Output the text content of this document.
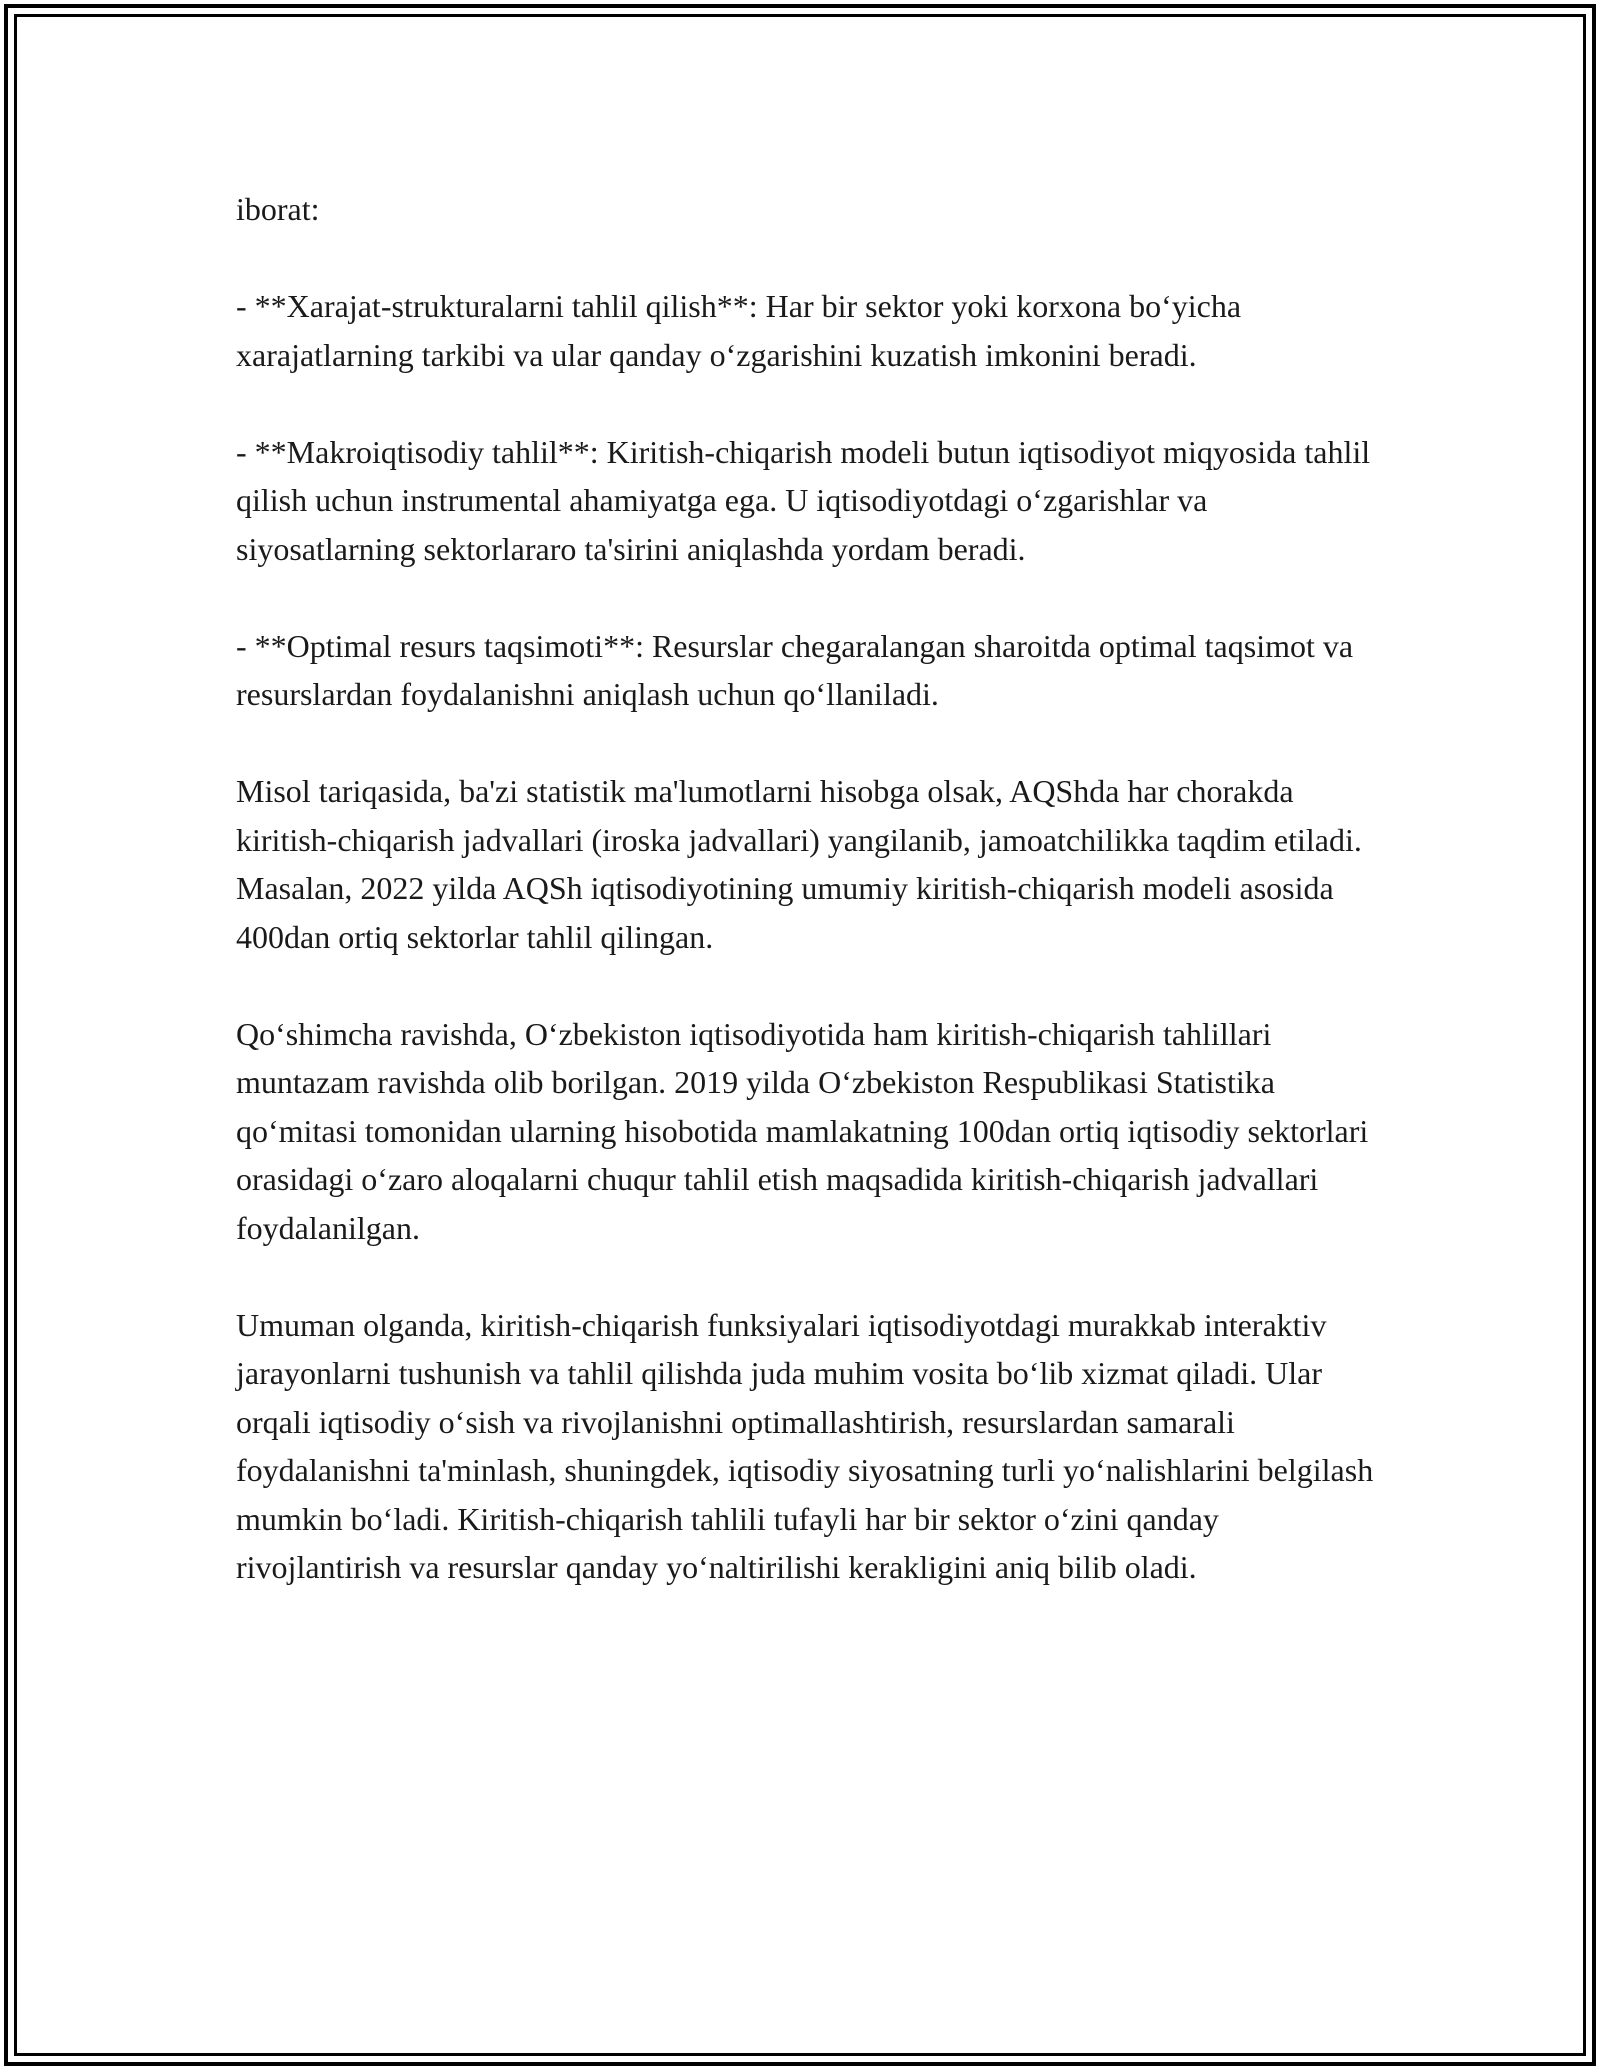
iborat:

- **Xarajat-strukturalarni tahlil qilish**: Har bir sektor yoki korxona bo‘yicha xarajatlarning tarkibi va ular qanday o‘zgarishini kuzatish imkonini beradi.

- **Makroiqtisodiy tahlil**: Kiritish-chiqarish modeli butun iqtisodiyot miqyosida tahlil qilish uchun instrumental ahamiyatga ega. U iqtisodiyotdagi o‘zgarishlar va siyosatlarning sektorlararo ta'sirini aniqlashda yordam beradi.

- **Optimal resurs taqsimoti**: Resurslar chegaralangan sharoitda optimal taqsimot va resurslardan foydalanishni aniqlash uchun qo‘llaniladi.

Misol tariqasida, ba'zi statistik ma'lumotlarni hisobga olsak, AQShda har chorakda kiritish-chiqarish jadvallari (iroska jadvallari) yangilanib, jamoatchilikka taqdim etiladi. Masalan, 2022 yilda AQSh iqtisodiyotining umumiy kiritish-chiqarish modeli asosida 400dan ortiq sektorlar tahlil qilingan.

Qo‘shimcha ravishda, O‘zbekiston iqtisodiyotida ham kiritish-chiqarish tahlillari muntazam ravishda olib borilgan. 2019 yilda O‘zbekiston Respublikasi Statistika qo‘mitasi tomonidan ularning hisobotida mamlakatning 100dan ortiq iqtisodiy sektorlari orasidagi o‘zaro aloqalarni chuqur tahlil etish maqsadida kiritish-chiqarish jadvallari foydalanilgan.

Umuman olganda, kiritish-chiqarish funksiyalari iqtisodiyotdagi murakkab interaktiv jarayonlarni tushunish va tahlil qilishda juda muhim vosita bo‘lib xizmat qiladi. Ular orqali iqtisodiy o‘sish va rivojlanishni optimallashtirish, resurslardan samarali foydalanishni ta'minlash, shuningdek, iqtisodiy siyosatning turli yo‘nalishlarini belgilash mumkin bo‘ladi. Kiritish-chiqarish tahlili tufayli har bir sektor o‘zini qanday rivojlantirish va resurslar qanday yo‘naltirilishi kerakligini aniq bilib oladi.
